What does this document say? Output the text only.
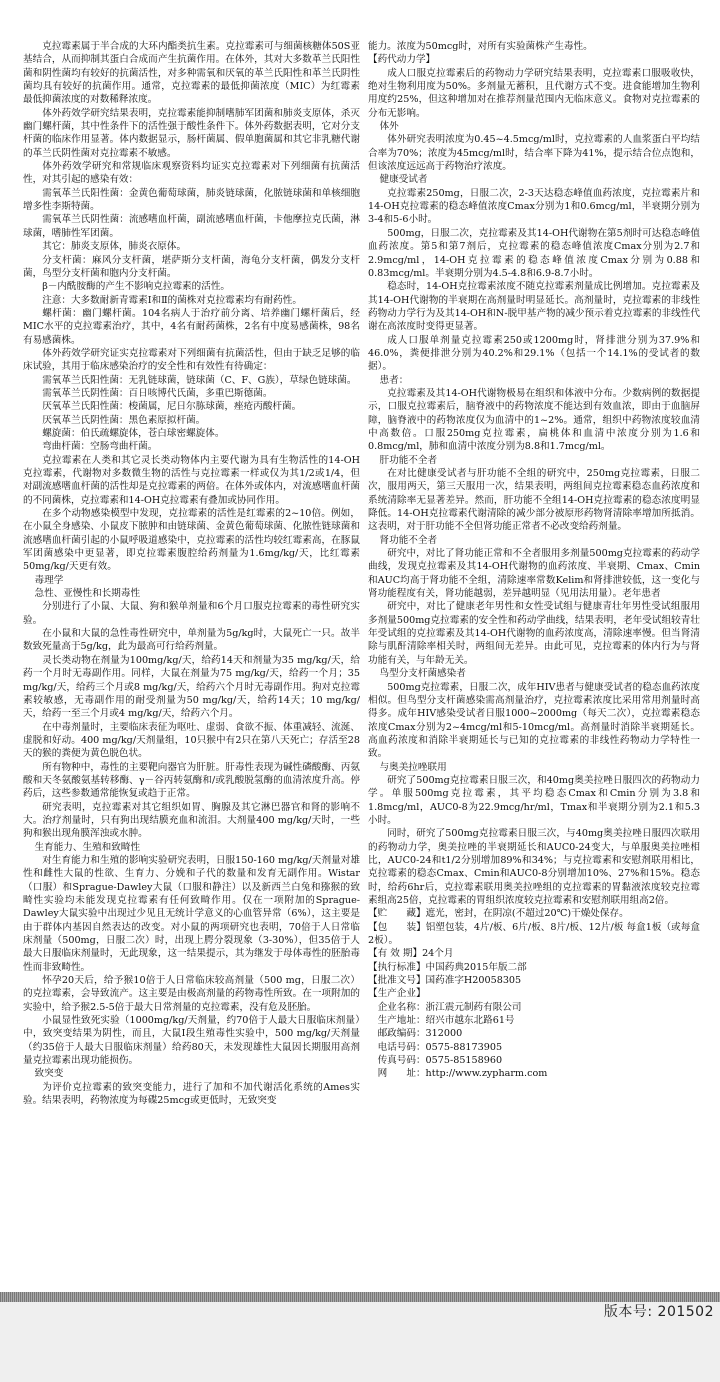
克拉霉素属于半合成的大环内酯类抗生素。克拉霉素可与细菌核糖体50S亚基结合，从而抑制其蛋白合成而产生抗菌作用。在体外，其对大多数革兰氏阳性菌和阴性菌均有较好的抗菌活性，对多种需氧和厌氧的革兰氏阳性和革兰氏阴性菌均具有较好的抗菌作用。通常，克拉霉素的最低抑菌浓度（MIC）为红霉素最低抑菌浓度的对数稀释浓度。

体外药效学研究结果表明，克拉霉素能抑制嗜肺军团菌和肺炎支原体，杀灭幽门螺杆菌，其中性条件下的活性强于酸性条件下。体外药数据表明，它对分支杆菌的临床作用显著。体内数据显示，肠杆菌属、假单胞菌属和其它非乳糖代谢的革兰氏阴性菌对克拉霉素不敏感。

体外药效学研究和常规临床观察资料均证实克拉霉素对下列细菌有抗菌活性，对其引起的感染有效：

需氧革兰氏阳性菌：金黄色葡萄球菌，肺炎链球菌，化脓链球菌和单核细胞增多性李斯特菌。

需氧革兰氏阴性菌：流感嗜血杆菌，副流感嗜血杆菌，卡他摩拉克氏菌，淋球菌，嗜肺性军团菌。

其它：肺炎支原体，肺炎衣原体。

分支杆菌：麻风分支杆菌，堪萨斯分支杆菌，海龟分支杆菌，偶发分支杆菌，鸟型分支杆菌和胞内分支杆菌。

β－内酰胺酶的产生不影响克拉霉素的活性。

注意：大多数耐新青霉素Ⅰ和Ⅱ的菌株对克拉霉素均有耐药性。

螺杆菌：幽门螺杆菌。104名病人于治疗前分离、培养幽门螺杆菌后，经MIC水平的克拉霉素治疗，其中，4名有耐药菌株，2名有中度易感菌株，98名有易感菌株。

体外药效学研究证实克拉霉素对下列细菌有抗菌活性，但由于缺乏足够的临床试验，其用于临床感染治疗的安全性和有效性有待确定：

需氧革兰氏阳性菌：无乳链球菌，链球菌（C、F、G族），草绿色链球菌。

需氧革兰氏阴性菌：百日咳博代氏菌，多重巴斯德菌。

厌氧革兰氏阳性菌：梭菌属，尼日尔胨球菌，痤疮丙酸杆菌。

厌氧革兰氏阴性菌：黑色素原拟杆菌。

螺旋菌：伯氏疏螺旋体，苍白球密螺旋体。

弯曲杆菌：空肠弯曲杆菌。

克拉霉素在人类和其它灵长类动物体内主要代谢为具有生物活性的14-OH克拉霉素，代谢物对多数微生物的活性与克拉霉素一样或仅为其1/2或1/4，但对副流感嗜血杆菌的活性却是克拉霉素的两倍。在体外或体内，对流感嗜血杆菌的不同菌株，克拉霉素和14-OH克拉霉素有叠加或协同作用。

在多个动物感染模型中发现，克拉霉素的活性是红霉素的2~10倍。例如，在小鼠全身感染、小鼠皮下脓肿和由链球菌、金黄色葡萄球菌、化脓性链球菌和流感嗜血杆菌引起的小鼠呼吸道感染中，克拉霉素的活性均较红霉素高，在豚鼠军团菌感染中更显著，即克拉霉素腹腔给药剂量为1.6mg/kg/天，比红霉素50mg/kg/天更有效。

毒理学

急性、亚慢性和长期毒性

分别进行了小鼠、大鼠、狗和猴单剂量和6个月口服克拉霉素的毒性研究实验。

在小鼠和大鼠的急性毒性研究中，单剂量为5g/kg时，大鼠死亡一只。故半数致死量高于5g/kg，此为最高可行给药剂量。

灵长类动物在剂量为100mg/kg/天，给药14天和剂量为35 mg/kg/天，给药一个月时无毒副作用。同样，大鼠在剂量为75 mg/kg/天，给药一个月；35 mg/kg/天，给药三个月或8 mg/kg/天，给药六个月时无毒副作用。狗对克拉霉素较敏感，无毒副作用的耐受剂量为50 mg/kg/天，给药14天；10 mg/kg/天，给药一至三个月或4 mg/kg/天，给药六个月。

在中毒剂量时，主要临床表征为呕吐、虚弱、食欲不振、体重减轻、流涎、虚脱和好动。400 mg/kg/天剂量组，10只猴中有2只在第八天死亡；存活至28天的猴的粪便为黄色脱色状。

所有物种中，毒性的主要靶向器官为肝脏。肝毒性表现为碱性磷酸酶、丙氨酸和天冬氨酸氨基转移酶、γ－谷丙转氨酶和/或乳酸脱氢酶的血清浓度升高。停药后，这些参数通常能恢复或趋于正常。

研究表明，克拉霉素对其它组织如胃、胸腺及其它淋巴器官和肾的影响不大。治疗剂量时，只有狗出现结膜充血和流泪。大剂量400 mg/kg/天时，一些狗和猴出现角膜浑浊或水肿。

生育能力、生殖和致畸性

对生育能力和生殖的影响实验研究表明，日服150-160 mg/kg/天剂量对雄性和雌性大鼠的性欲、生育力、分娩和子代的数量和发育无副作用。Wistar（口服）和Sprague-Dawley大鼠（口服和静注）以及新西兰白兔和猕猴的致畸性实验均未能发现克拉霉素有任何致畸作用。仅在一项附加的Sprague-Dawley大鼠实验中出现过少见且无统计学意义的心血管异常（6%），这主要是由于群体内基因自然表达的改变。对小鼠的两项研究也表明，70倍于人日常临床剂量（500mg，日服二次）时，出现上腭分裂现象（3-30%），但35倍于人最大日服临床剂量时，无此现象，这一结果提示，其为继发于母体毒性的胚胎毒性而非致畸性。

怀孕20天后，给予猴10倍于人日常临床较高剂量（500 mg，日服二次）的克拉霉素，会导致流产。这主要是由极高剂量的药物毒性所致。在一项附加的实验中，给予猴2.5-5倍于最大日常剂量的克拉霉素，没有危及胚胎。

小鼠显性致死实验（1000mg/kg/天剂量，约70倍于人最大日服临床剂量）中，致突变结果为阴性，而且，大鼠Ⅰ段生殖毒性实验中，500 mg/kg/天剂量（约35倍于人最大日服临床剂量）给药80天，未发现雄性大鼠因长期服用高剂量克拉霉素出现功能损伤。

致突变

为评价克拉霉素的致突变能力，进行了加和不加代谢活化系统的Ames实验。结果表明，药物浓度为每碟25mcg或更低时，无致突变

能力。浓度为50mcg时，对所有实验菌株产生毒性。

【药代动力学】

成人口服克拉霉素后的药物动力学研究结果表明，克拉霉素口服吸收快，绝对生物利用度为50%。多剂量无蓄积，且代谢方式不变。进食能增加生物利用度约25%，但这种增加对在推荐剂量范围内无临床意义。食物对克拉霉素的分布无影响。

体外

体外研究表明浓度为0.45~4.5mcg/ml时，克拉霉素的人血浆蛋白平均结合率为70%；浓度为45mcg/ml时，结合率下降为41%，提示结合位点饱和，但该浓度远远高于药物治疗浓度。

健康受试者

克拉霉素250mg，日服二次，2-3天达稳态峰值血药浓度，克拉霉素片和14-OH克拉霉素的稳态峰值浓度Cmax分别为1和0.6mcg/ml，半衰期分别为3-4和5-6小时。

500mg，日服二次，克拉霉素及其14-OH代谢物在第5剂时可达稳态峰值血药浓度。第5和第7剂后，克拉霉素的稳态峰值浓度Cmax分别为2.7和2.9mcg/ml，14-OH克拉霉素的稳态峰值浓度Cmax分别为0.88和0.83mcg/ml。半衰期分别为4.5-4.8和6.9-8.7小时。

稳态时，14-OH克拉霉素浓度不随克拉霉素剂量成比例增加。克拉霉素及其14-OH代谢物的半衰期在高剂量时明显延长。高剂量时，克拉霉素的非线性药物动力学行为及其14-OH和N-脱甲基产物的减少预示着克拉霉素的非线性代谢在高浓度时变得更显著。

成人口服单剂量克拉霉素250或1200mg时，肾排泄分别为37.9%和46.0%，粪便排泄分别为40.2%和29.1%（包括一个14.1%的受试者的数据）。

患者：

克拉霉素及其14-OH代谢物极易在组织和体液中分布。少数病例的数据提示，口服克拉霉素后，脑脊液中的药物浓度不能达到有效血浓，即由于血脑屏障，脑脊液中的药物浓度仅为血清中的1~2%。通常，组织中药物浓度较血清中高数倍。口服250mg克拉霉素，扁桃体和血清中浓度分别为1.6和0.8mcg/ml，肺和血清中浓度分别为8.8和1.7mcg/ml。

肝功能不全者

在对比健康受试者与肝功能不全组的研究中，250mg克拉霉素，日服二次，服用两天，第三天服用一次，结果表明，两组间克拉霉素稳态血药浓度和系统清除率无显著差异。然而，肝功能不全组14-OH克拉霉素的稳态浓度明显降低。14-OH克拉霉素代谢清除的减少部分被原形药物肾清除率增加所抵消。这表明，对于肝功能不全但肾功能正常者不必改变给药剂量。

肾功能不全者

研究中，对比了肾功能正常和不全者服用多剂量500mg克拉霉素的药动学曲线，发现克拉霉素及其14-OH代谢物的血药浓度、半衰期、Cmax、Cmin和AUC均高于肾功能不全组，清除速率常数Kelim和肾排泄较低，这一变化与肾功能程度有关，肾功能越弱，差异越明显（见用法用量）。老年患者

研究中，对比了健康老年男性和女性受试组与健康青壮年男性受试组服用多剂量500mg克拉霉素的安全性和药动学曲线，结果表明，老年受试组较青壮年受试组的克拉霉素及其14-OH代谢物的血药浓度高，清除速率慢。但当肾清除与肌酐清除率相关时，两组间无差异。由此可见，克拉霉素的体内行为与肾功能有关，与年龄无关。

鸟型分支杆菌感染者

500mg克拉霉素，日服二次，成年HIV患者与健康受试者的稳态血药浓度相似。但鸟型分支杆菌感染需高剂量治疗，克拉霉素浓度比采用常用剂量时高得多。成年HIV感染受试者日服1000~2000mg（每天二次），克拉霉素稳态浓度Cmax分别为2~4mcg/ml和5-10mcg/ml。高剂量时消除半衰期延长。高血药浓度和消除半衰期延长与已知的克拉霉素的非线性药物动力学特性一致。

与奥美拉唑联用

研究了500mg克拉霉素日服三次，和40mg奥美拉唑日服四次的药物动力学。单服500mg克拉霉素，其平均稳态Cmax和Cmin分别为3.8和1.8mcg/ml，AUC0-8为22.9mcg/hr/ml，Tmax和半衰期分别为2.1和5.3小时。

同时，研究了500mg克拉霉素日服三次，与40mg奥美拉唑日服四次联用的药物动力学，奥美拉唑的半衰期延长和AUC0-24变大，与单服奥美拉唑相比，AUC0-24和t1/2分别增加89%和34%；与克拉霉素和安慰剂联用相比，克拉霉素的稳态Cmax、Cmin和AUC0-8分别增加10%、27%和15%。稳态时，给药6hr后，克拉霉素联用奥美拉唑组的克拉霉素的胃黏液浓度较克拉霉素组高25倍，克拉霉素的胃组织浓度较克拉霉素和安慰剂联用组高2倍。

【贮　　藏】遮光，密封，在阴凉(不超过20℃)干燥处保存。

【包　　装】铝塑包装，4片/板、6片/板、8片/板、12片/板 每盒1板（或每盒2板）。

【有 效 期】24个月

【执行标准】中国药典2015年版二部

【批准文号】国药准字H20058305

【生产企业】

企业名称：浙江震元制药有限公司

生产地址：绍兴市越东北路61号

邮政编码：312000

电话号码：0575-88173905

传真号码：0575-85158960

网　　址：http://www.zypharm.com

版本号: 201502
